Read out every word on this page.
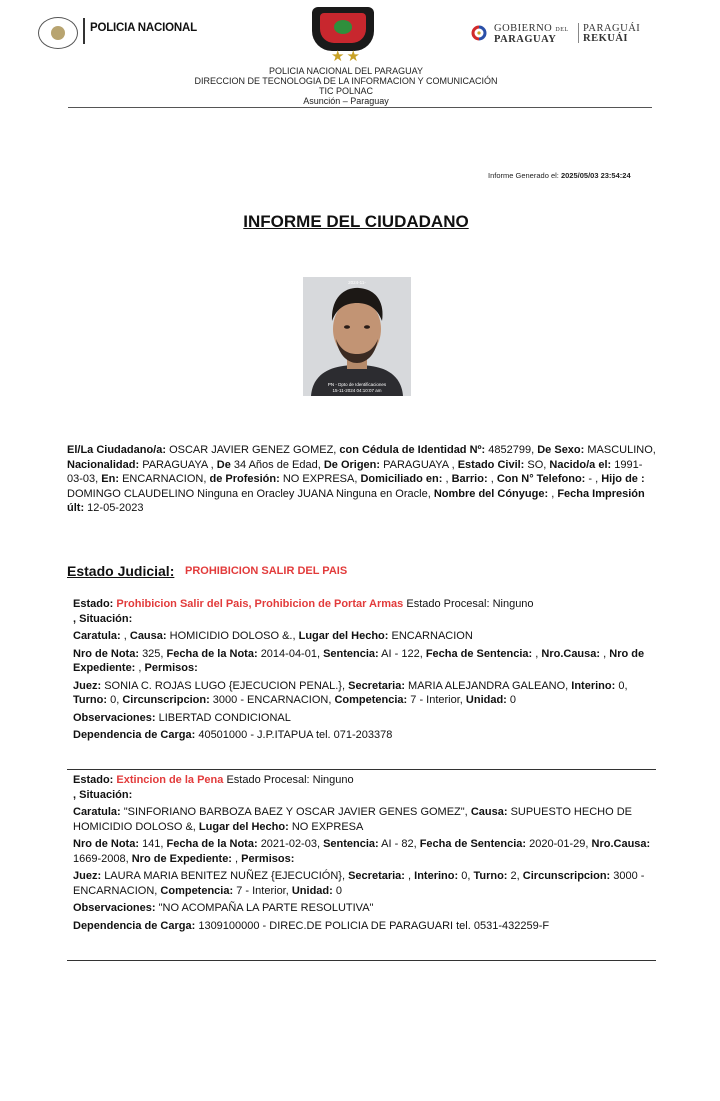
POLICIA NACIONAL
★★
GOBIERNO DEL
PARAGUAY
PARAGUÁI
REKUÁI
POLICIA NACIONAL DEL PARAGUAY
DIRECCION DE TECNOLOGIA DE LA INFORMACION Y COMUNICACIÓN
TIC POLNAC
Asunción – Paraguay
Informe Generado el: 2025/05/03 23:54:24
INFORME DEL CIUDADANO
2024-11-
PN - Dpto de Identificaciones
15-11-2024 04:10:07 am
El/La Ciudadano/a: OSCAR JAVIER GENEZ GOMEZ, con Cédula de Identidad Nº: 4852799, De Sexo: MASCULINO, Nacionalidad: PARAGUAYA , De 34 Años de Edad, De Origen: PARAGUAYA , Estado Civil: SO, Nacido/a el: 1991-03-03, En: ENCARNACION, de Profesión: NO EXPRESA, Domiciliado en: , Barrio: , Con N° Telefono: - , Hijo de : DOMINGO CLAUDELINO Ninguna en Oracley JUANA Ninguna en Oracle, Nombre del Cónyuge: , Fecha Impresión últ: 12-05-2023
Estado Judicial: PROHIBICION SALIR DEL PAIS
Estado: Prohibicion Salir del Pais, Prohibicion de Portar Armas Estado Procesal: Ninguno
, Situación:
Caratula: , Causa: HOMICIDIO DOLOSO &., Lugar del Hecho: ENCARNACION
Nro de Nota: 325, Fecha de la Nota: 2014-04-01, Sentencia: AI - 122, Fecha de Sentencia: , Nro.Causa: , Nro de Expediente: , Permisos:
Juez: SONIA C. ROJAS LUGO {EJECUCION PENAL.}, Secretaria: MARIA ALEJANDRA GALEANO, Interino: 0, Turno: 0, Circunscripcion: 3000 - ENCARNACION, Competencia: 7 - Interior, Unidad: 0
Observaciones: LIBERTAD CONDICIONAL
Dependencia de Carga: 40501000 - J.P.ITAPUA tel. 071-203378
Estado: Extincion de la Pena Estado Procesal: Ninguno
, Situación:
Caratula: "SINFORIANO BARBOZA BAEZ Y OSCAR JAVIER GENES GOMEZ", Causa: SUPUESTO HECHO DE HOMICIDIO DOLOSO &, Lugar del Hecho: NO EXPRESA
Nro de Nota: 141, Fecha de la Nota: 2021-02-03, Sentencia: AI - 82, Fecha de Sentencia: 2020-01-29, Nro.Causa: 1669-2008, Nro de Expediente: , Permisos:
Juez: LAURA MARIA BENITEZ NUÑEZ {EJECUCIÓN}, Secretaria: , Interino: 0, Turno: 2, Circunscripcion: 3000 - ENCARNACION, Competencia: 7 - Interior, Unidad: 0
Observaciones: "NO ACOMPAÑA LA PARTE RESOLUTIVA"
Dependencia de Carga: 1309100000 - DIREC.DE POLICIA DE PARAGUARI tel. 0531-432259-F
